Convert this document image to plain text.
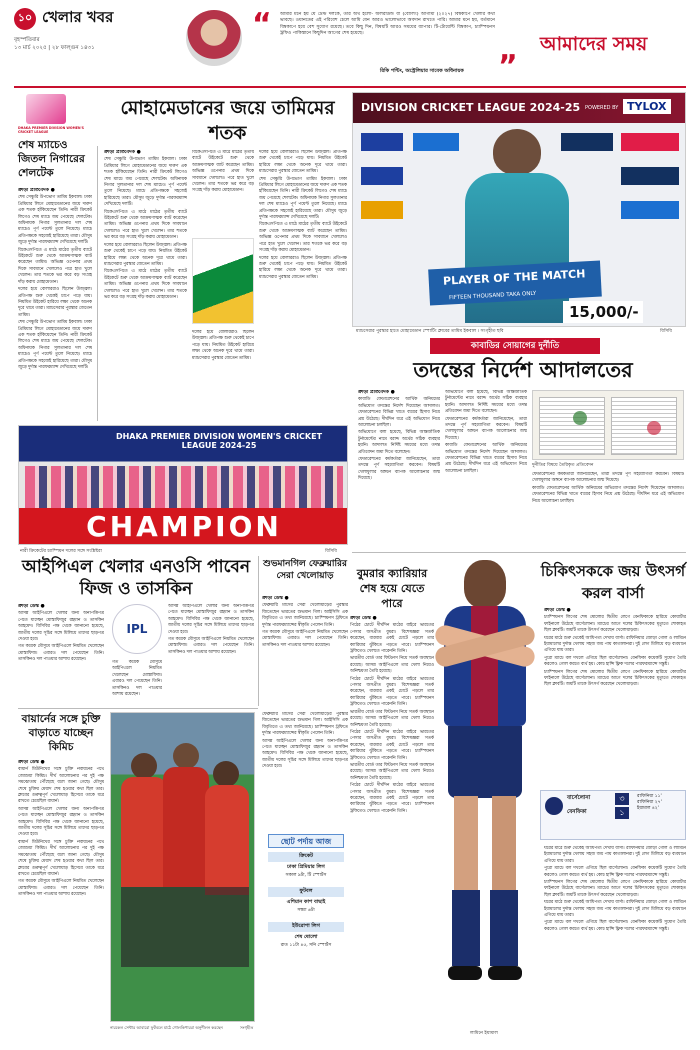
১০ খেলার খবর
বৃহস্পতিবার
১৩ মার্চ ২০২৫ | ২৮ ফাল্গুন ১৪৩১
“ আমার মনে হয় যে টেস্ট দলকে, তার অর্থ হলো- অলরাউন্ড বা (বোলিং) আগামী (২০২৭) বিশ্বকাপে খেলার কথা ভাবছে। ওয়ানডের এই পরিবেশ চেলে আমি যেন আরও ভালোভাবে অবদান রাখতে পারি। আমার মনে হয়, বর্তমানে বিশ্বকাপে হয়ে বেশ সুযোগ রয়েছে। তবে কিছু দিন, বিষয়টি আরও সময়ের ব্যাপার। টি-টোয়েন্টি বিশ্বকাপ, চ্যাম্পিয়নস ট্রফিও পাকিস্তানে কিছুদিন আগের শেষ হয়েছে।
রিকি পন্টিং, অস্ট্রেলিয়ার সাবেক অধিনায়ক ”
আমাদের সময়
DHAKA PREMIER DIVISION WOMEN'S CRICKET LEAGUE
মোহামেডানের জয়ে তামিমের শতক
শেষ ম্যাচেও জিতল নিগারের শেলটেক
ক্রীড়া প্রতিবেদক ●

শেষ সেঞ্চুরি উপভোগ তামিম ইকবাল। ঢাকা প্রিমিয়ার লিগে মোহামেডানের জয়ে দারুণ এক শতক হাঁকিয়েছেন তিনি। নারী ক্রিকেট লিগেও শেষ ম্যাচে জয় পেয়েছে শেলটেক। অধিনায়ক নিগার সুলতানার দল শেষ ম্যাচেও পূর্ণ পয়েন্ট তুলে নিয়েছে। ম্যাচে প্রতিপক্ষকে সহজেই হারিয়েছে তারা। মৌসুম জুড়ে দুর্দান্ত পারফরম্যান্স দেখিয়েছে দলটি।

বিকেএসপিতে এ মাঠে মাঠের তৃতীয় ব্যাটে উইকেটে শুরু থেকে আক্রমণাত্মক ব্যাট করেছেন তামিম। অভিজ্ঞ ওপেনার প্রথম দিকে সাবধানে খেললেও পরে হাত খুলে খেলেন। তার শতকে ভর করে বড় সংগ্রহ দাঁড় করায় মোহামেডান।

দলের হয়ে বোলাররাও ছিলেন উজ্জ্বল। প্রতিপক্ষ শুরু থেকেই চাপে পড়ে যায়। নিয়মিত উইকেট হারিয়ে লক্ষ্য থেকে অনেক দূরে থামে তারা। ম্যাচসেরার পুরস্কার জেতেন তামিম।

শেষ সেঞ্চুরি উপভোগ তামিম ইকবাল। ঢাকা প্রিমিয়ার লিগে মোহামেডানের জয়ে দারুণ এক শতক হাঁকিয়েছেন তিনি। নারী ক্রিকেট লিগেও শেষ ম্যাচে জয় পেয়েছে শেলটেক। অধিনায়ক নিগার সুলতানার দল শেষ ম্যাচেও পূর্ণ পয়েন্ট তুলে নিয়েছে। ম্যাচে প্রতিপক্ষকে সহজেই হারিয়েছে তারা। মৌসুম জুড়ে দুর্দান্ত পারফরম্যান্স দেখিয়েছে দলটি।

ক্রীড়া প্রতিবেদক ●

শেষ সেঞ্চুরি উপভোগ তামিম ইকবাল। ঢাকা প্রিমিয়ার লিগে মোহামেডানের জয়ে দারুণ এক শতক হাঁকিয়েছেন তিনি। নারী ক্রিকেট লিগেও শেষ ম্যাচে জয় পেয়েছে শেলটেক। অধিনায়ক নিগার সুলতানার দল শেষ ম্যাচেও পূর্ণ পয়েন্ট তুলে নিয়েছে। ম্যাচে প্রতিপক্ষকে সহজেই হারিয়েছে তারা। মৌসুম জুড়ে দুর্দান্ত পারফরম্যান্স দেখিয়েছে দলটি।

বিকেএসপিতে এ মাঠে মাঠের তৃতীয় ব্যাটে উইকেটে শুরু থেকে আক্রমণাত্মক ব্যাট করেছেন তামিম। অভিজ্ঞ ওপেনার প্রথম দিকে সাবধানে খেললেও পরে হাত খুলে খেলেন। তার শতকে ভর করে বড় সংগ্রহ দাঁড় করায় মোহামেডান।

দলের হয়ে বোলাররাও ছিলেন উজ্জ্বল। প্রতিপক্ষ শুরু থেকেই চাপে পড়ে যায়। নিয়মিত উইকেট হারিয়ে লক্ষ্য থেকে অনেক দূরে থামে তারা। ম্যাচসেরার পুরস্কার জেতেন তামিম।

বিকেএসপিতে এ মাঠে মাঠের তৃতীয় ব্যাটে উইকেটে শুরু থেকে আক্রমণাত্মক ব্যাট করেছেন তামিম। অভিজ্ঞ ওপেনার প্রথম দিকে সাবধানে খেললেও পরে হাত খুলে খেলেন। তার শতকে ভর করে বড় সংগ্রহ দাঁড় করায় মোহামেডান।

বিকেএসপিতে এ মাঠে মাঠের তৃতীয় ব্যাটে উইকেটে শুরু থেকে আক্রমণাত্মক ব্যাট করেছেন তামিম। অভিজ্ঞ ওপেনার প্রথম দিকে সাবধানে খেললেও পরে হাত খুলে খেলেন। তার শতকে ভর করে বড় সংগ্রহ দাঁড় করায় মোহামেডান।

দলের হয়ে বোলাররাও ছিলেন উজ্জ্বল। প্রতিপক্ষ শুরু থেকেই চাপে পড়ে যায়। নিয়মিত উইকেট হারিয়ে লক্ষ্য থেকে অনেক দূরে থামে তারা। ম্যাচসেরার পুরস্কার জেতেন তামিম।

দলের হয়ে বোলাররাও ছিলেন উজ্জ্বল। প্রতিপক্ষ শুরু থেকেই চাপে পড়ে যায়। নিয়মিত উইকেট হারিয়ে লক্ষ্য থেকে অনেক দূরে থামে তারা। ম্যাচসেরার পুরস্কার জেতেন তামিম।

শেষ সেঞ্চুরি উপভোগ তামিম ইকবাল। ঢাকা প্রিমিয়ার লিগে মোহামেডানের জয়ে দারুণ এক শতক হাঁকিয়েছেন তিনি। নারী ক্রিকেট লিগেও শেষ ম্যাচে জয় পেয়েছে শেলটেক। অধিনায়ক নিগার সুলতানার দল শেষ ম্যাচেও পূর্ণ পয়েন্ট তুলে নিয়েছে। ম্যাচে প্রতিপক্ষকে সহজেই হারিয়েছে তারা। মৌসুম জুড়ে দুর্দান্ত পারফরম্যান্স দেখিয়েছে দলটি।

বিকেএসপিতে এ মাঠে মাঠের তৃতীয় ব্যাটে উইকেটে শুরু থেকে আক্রমণাত্মক ব্যাট করেছেন তামিম। অভিজ্ঞ ওপেনার প্রথম দিকে সাবধানে খেললেও পরে হাত খুলে খেলেন। তার শতকে ভর করে বড় সংগ্রহ দাঁড় করায় মোহামেডান।

দলের হয়ে বোলাররাও ছিলেন উজ্জ্বল। প্রতিপক্ষ শুরু থেকেই চাপে পড়ে যায়। নিয়মিত উইকেট হারিয়ে লক্ষ্য থেকে অনেক দূরে থামে তারা। ম্যাচসেরার পুরস্কার জেতেন তামিম।

DIVISION CRICKET LEAGUE 2024-25 POWERED BY TYLOX
PLAYER OF THE MATCH
FIFTEEN THOUSAND TAKA ONLY
15,000/-
ম্যাচসেরার পুরস্কার হাতে মোহামেডান স্পোর্টিং ক্লাবের তামিম ইকবাল । সংগৃহীত ছবি	বিসিবি
DHAKA PREMIER DIVISION WOMEN'S CRICKET LEAGUE 2024-25
CHAMPION
নারী ক্রিকেটের চ্যাম্পিয়ন দলের সঙ্গে সংশ্লিষ্টরা	বিসিবি
কাবাডির সোয়াগের দুর্নীতি
তদন্তের নির্দেশ আদালতের
ক্রীড়া প্রতিবেদক ●

কাবাডি ফেডারেশনের আর্থিক অনিয়মের অভিযোগ তদন্তের নির্দেশ দিয়েছেন আদালত। ফেডারেশনের বিভিন্ন খাতে ব্যয়ের হিসাব নিয়ে প্রশ্ন উঠেছে। দীর্ঘদিন ধরে এই অভিযোগ নিয়ে আলোচনা চলছিল।

অভিযোগে বলা হয়েছে, বিভিন্ন আন্তর্জাতিক টুর্নামেন্টের নামে বরাদ্দ অর্থের সঠিক ব্যবহার হয়নি। আদালত নির্দিষ্ট সময়ের মধ্যে তদন্ত প্রতিবেদন জমা দিতে বলেছেন।

ফেডারেশনের কর্মকর্তারা জানিয়েছেন, তারা তদন্তে পূর্ণ সহযোগিতা করবেন। বিষয়টি খেলাধুলার অঙ্গনে ব্যাপক আলোচনার জন্ম দিয়েছে।

অভিযোগে বলা হয়েছে, বিভিন্ন আন্তর্জাতিক টুর্নামেন্টের নামে বরাদ্দ অর্থের সঠিক ব্যবহার হয়নি। আদালত নির্দিষ্ট সময়ের মধ্যে তদন্ত প্রতিবেদন জমা দিতে বলেছেন।

ফেডারেশনের কর্মকর্তারা জানিয়েছেন, তারা তদন্তে পূর্ণ সহযোগিতা করবেন। বিষয়টি খেলাধুলার অঙ্গনে ব্যাপক আলোচনার জন্ম দিয়েছে।

কাবাডি ফেডারেশনের আর্থিক অনিয়মের অভিযোগ তদন্তের নির্দেশ দিয়েছেন আদালত। ফেডারেশনের বিভিন্ন খাতে ব্যয়ের হিসাব নিয়ে প্রশ্ন উঠেছে। দীর্ঘদিন ধরে এই অভিযোগ নিয়ে আলোচনা চলছিল।

দুর্নীতির বিষয়ে তৈরিকৃত প্রতিবেদন

ফেডারেশনের কর্মকর্তারা জানিয়েছেন, তারা তদন্তে পূর্ণ সহযোগিতা করবেন। বিষয়টি খেলাধুলার অঙ্গনে ব্যাপক আলোচনার জন্ম দিয়েছে।

কাবাডি ফেডারেশনের আর্থিক অনিয়মের অভিযোগ তদন্তের নির্দেশ দিয়েছেন আদালত। ফেডারেশনের বিভিন্ন খাতে ব্যয়ের হিসাব নিয়ে প্রশ্ন উঠেছে। দীর্ঘদিন ধরে এই অভিযোগ নিয়ে আলোচনা চলছিল।

আইপিএল খেলার এনওসি পাবেন ফিজ ও তাসকিন
ক্রীড়া ডেস্ক ●

আসন্ন আইপিএলে খেলার জন্য অনাপত্তিপত্র পেতে যাচ্ছেন মোস্তাফিজুর রহমান ও তাসকিন আহমেদ। বিসিবির পক্ষ থেকে জানানো হয়েছে, জাতীয় দলের সূচির সঙ্গে মিলিয়ে তাদের ছাড়পত্র দেওয়া হবে।

গত কয়েক মৌসুমে আইপিএলে নিয়মিত খেলেছেন মোস্তাফিজ। এবারও দল পেয়েছেন তিনি। তাসকিনও দল পাওয়ার আশায় রয়েছেন।

IPL

গত কয়েক মৌসুমে আইপিএলে নিয়মিত খেলেছেন মোস্তাফিজ। এবারও দল পেয়েছেন তিনি। তাসকিনও দল পাওয়ার আশায় রয়েছেন।

আসন্ন আইপিএলে খেলার জন্য অনাপত্তিপত্র পেতে যাচ্ছেন মোস্তাফিজুর রহমান ও তাসকিন আহমেদ। বিসিবির পক্ষ থেকে জানানো হয়েছে, জাতীয় দলের সূচির সঙ্গে মিলিয়ে তাদের ছাড়পত্র দেওয়া হবে।

গত কয়েক মৌসুমে আইপিএলে নিয়মিত খেলেছেন মোস্তাফিজ। এবারও দল পেয়েছেন তিনি। তাসকিনও দল পাওয়ার আশায় রয়েছেন।

শুভমানগিল ফেব্রুয়ারির সেরা খেলোয়াড়
ক্রীড়া ডেস্ক ●

ফেব্রুয়ারি মাসের সেরা খেলোয়াড়ের পুরস্কার জিতেছেন ভারতের শুভমান গিল। আইসিসি এক বিবৃতিতে এ তথ্য জানিয়েছে। চ্যাম্পিয়নস ট্রফিতে দুর্দান্ত পারফরম্যান্সের স্বীকৃতি পেলেন তিনি।

গত কয়েক মৌসুমে আইপিএলে নিয়মিত খেলেছেন মোস্তাফিজ। এবারও দল পেয়েছেন তিনি। তাসকিনও দল পাওয়ার আশায় রয়েছেন।

বায়ার্নের সঙ্গে চুক্তি বাড়াতে যাচ্ছেন কিমিচ
ক্রীড়া ডেস্ক ●

বায়ার্ন মিউনিখের সঙ্গে চুক্তি নবায়নের পথে জোশুয়া কিমিচ। দীর্ঘ আলোচনার পর দুই পক্ষ সমঝোতায় পৌঁছেছে বলে জানা গেছে। মৌসুম শেষে চুক্তির মেয়াদ শেষ হওয়ার কথা ছিল তার। ক্লাবের গুরুত্বপূর্ণ খেলোয়াড় হিসেবে তাকে ধরে রাখতে চেয়েছিল বায়ার্ন।

আসন্ন আইপিএলে খেলার জন্য অনাপত্তিপত্র পেতে যাচ্ছেন মোস্তাফিজুর রহমান ও তাসকিন আহমেদ। বিসিবির পক্ষ থেকে জানানো হয়েছে, জাতীয় দলের সূচির সঙ্গে মিলিয়ে তাদের ছাড়পত্র দেওয়া হবে।

বায়ার্ন মিউনিখের সঙ্গে চুক্তি নবায়নের পথে জোশুয়া কিমিচ। দীর্ঘ আলোচনার পর দুই পক্ষ সমঝোতায় পৌঁছেছে বলে জানা গেছে। মৌসুম শেষে চুক্তির মেয়াদ শেষ হওয়ার কথা ছিল তার। ক্লাবের গুরুত্বপূর্ণ খেলোয়াড় হিসেবে তাকে ধরে রাখতে চেয়েছিল বায়ার্ন।

গত কয়েক মৌসুমে আইপিএলে নিয়মিত খেলেছেন মোস্তাফিজ। এবারও দল পেয়েছেন তিনি। তাসকিনও দল পাওয়ার আশায় রয়েছেন।

নারকেল সেন্টার আবারো ফুটবলে মাঠে গোলকিপাররা অনুশীলন করছেন	সংগৃহীত

ফেব্রুয়ারি মাসের সেরা খেলোয়াড়ের পুরস্কার জিতেছেন ভারতের শুভমান গিল। আইসিসি এক বিবৃতিতে এ তথ্য জানিয়েছে। চ্যাম্পিয়নস ট্রফিতে দুর্দান্ত পারফরম্যান্সের স্বীকৃতি পেলেন তিনি।

আসন্ন আইপিএলে খেলার জন্য অনাপত্তিপত্র পেতে যাচ্ছেন মোস্তাফিজুর রহমান ও তাসকিন আহমেদ। বিসিবির পক্ষ থেকে জানানো হয়েছে, জাতীয় দলের সূচির সঙ্গে মিলিয়ে তাদের ছাড়পত্র দেওয়া হবে।

ছোট পর্দায় আজ
ক্রিকেট
ঢাকা প্রিমিয়ার লিগ
সকাল ৯টা, টি স্পোর্টস
ফুটবল
এশিয়ান কাপ বাছাই
সন্ধ্যা ৬টা
ইউরোপা লিগ
শেষ ষোলো
রাত ১১টা ৪৫, সনি স্পোর্টস
বুমরার ক্যারিয়ার শেষ হয়ে যেতে পারে
ক্রীড়া ডেস্ক ●

পিঠের চোটে দীর্ঘদিন মাঠের বাইরে ভারতের পেসার জসপ্রীত বুমরা। বিশেষজ্ঞরা সতর্ক করেছেন, বারবার একই চোটে পড়লে তার ক্যারিয়ার ঝুঁকিতে পড়তে পারে। চ্যাম্পিয়নস ট্রফিতেও খেলতে পারেননি তিনি।

ভারতীয় বোর্ড তার ফিটনেস নিয়ে সতর্ক অবস্থানে রয়েছে। আসন্ন আইপিএলে তার খেলা নিয়েও অনিশ্চয়তা তৈরি হয়েছে।

পিঠের চোটে দীর্ঘদিন মাঠের বাইরে ভারতের পেসার জসপ্রীত বুমরা। বিশেষজ্ঞরা সতর্ক করেছেন, বারবার একই চোটে পড়লে তার ক্যারিয়ার ঝুঁকিতে পড়তে পারে। চ্যাম্পিয়নস ট্রফিতেও খেলতে পারেননি তিনি।

ভারতীয় বোর্ড তার ফিটনেস নিয়ে সতর্ক অবস্থানে রয়েছে। আসন্ন আইপিএলে তার খেলা নিয়েও অনিশ্চয়তা তৈরি হয়েছে।

পিঠের চোটে দীর্ঘদিন মাঠের বাইরে ভারতের পেসার জসপ্রীত বুমরা। বিশেষজ্ঞরা সতর্ক করেছেন, বারবার একই চোটে পড়লে তার ক্যারিয়ার ঝুঁকিতে পড়তে পারে। চ্যাম্পিয়নস ট্রফিতেও খেলতে পারেননি তিনি।

ভারতীয় বোর্ড তার ফিটনেস নিয়ে সতর্ক অবস্থানে রয়েছে। আসন্ন আইপিএলে তার খেলা নিয়েও অনিশ্চয়তা তৈরি হয়েছে।

পিঠের চোটে দীর্ঘদিন মাঠের বাইরে ভারতের পেসার জসপ্রীত বুমরা। বিশেষজ্ঞরা সতর্ক করেছেন, বারবার একই চোটে পড়লে তার ক্যারিয়ার ঝুঁকিতে পড়তে পারে। চ্যাম্পিয়নস ট্রফিতেও খেলতে পারেননি তিনি।

লামিনে ইয়ামাল
চিকিৎসককে জয় উৎসর্গ করল বার্সা
ক্রীড়া ডেস্ক ●

চ্যাম্পিয়নস লিগের শেষ ষোলোর দ্বিতীয় লেগে বেনফিকাকে হারিয়ে কোয়ার্টার ফাইনালে উঠেছে বার্সেলোনা। ম্যাচের আগে দলের চিকিৎসকের মৃত্যুতে শোকাহত ছিল ক্লাবটি। জয়টি তাকে উৎসর্গ করেছেন খেলোয়াড়রা।

ঘরের মাঠে শুরু থেকেই আধিপত্য দেখায় বার্সা। রাফিনিয়ার জোড়া গোল ও লামিনে ইয়ামালের দুর্দান্ত খেলায় সহজ জয় পায় কাতালানরা। দুই লেগ মিলিয়ে বড় ব্যবধানে এগিয়ে যায় তারা।

পুরো ম্যাচে বল দখলে এগিয়ে ছিল বার্সেলোনা। বেনফিকা কয়েকটি সুযোগ তৈরি করলেও গোল করতে ব্যর্থ হয়। কোচ হান্সি ফ্লিক দলের পারফরম্যান্সে সন্তুষ্ট।

চ্যাম্পিয়নস লিগের শেষ ষোলোর দ্বিতীয় লেগে বেনফিকাকে হারিয়ে কোয়ার্টার ফাইনালে উঠেছে বার্সেলোনা। ম্যাচের আগে দলের চিকিৎসকের মৃত্যুতে শোকাহত ছিল ক্লাবটি। জয়টি তাকে উৎসর্গ করেছেন খেলোয়াড়রা।

বার্সেলোনা	৩
বেনফিকা	১
রাফিনিয়া ১১'
রাফিনিয়া ২৭'
ইয়ামাল ৪২'

ঘরের মাঠে শুরু থেকেই আধিপত্য দেখায় বার্সা। রাফিনিয়ার জোড়া গোল ও লামিনে ইয়ামালের দুর্দান্ত খেলায় সহজ জয় পায় কাতালানরা। দুই লেগ মিলিয়ে বড় ব্যবধানে এগিয়ে যায় তারা।

পুরো ম্যাচে বল দখলে এগিয়ে ছিল বার্সেলোনা। বেনফিকা কয়েকটি সুযোগ তৈরি করলেও গোল করতে ব্যর্থ হয়। কোচ হান্সি ফ্লিক দলের পারফরম্যান্সে সন্তুষ্ট।

চ্যাম্পিয়নস লিগের শেষ ষোলোর দ্বিতীয় লেগে বেনফিকাকে হারিয়ে কোয়ার্টার ফাইনালে উঠেছে বার্সেলোনা। ম্যাচের আগে দলের চিকিৎসকের মৃত্যুতে শোকাহত ছিল ক্লাবটি। জয়টি তাকে উৎসর্গ করেছেন খেলোয়াড়রা।

ঘরের মাঠে শুরু থেকেই আধিপত্য দেখায় বার্সা। রাফিনিয়ার জোড়া গোল ও লামিনে ইয়ামালের দুর্দান্ত খেলায় সহজ জয় পায় কাতালানরা। দুই লেগ মিলিয়ে বড় ব্যবধানে এগিয়ে যায় তারা।

পুরো ম্যাচে বল দখলে এগিয়ে ছিল বার্সেলোনা। বেনফিকা কয়েকটি সুযোগ তৈরি করলেও গোল করতে ব্যর্থ হয়। কোচ হান্সি ফ্লিক দলের পারফরম্যান্সে সন্তুষ্ট।
